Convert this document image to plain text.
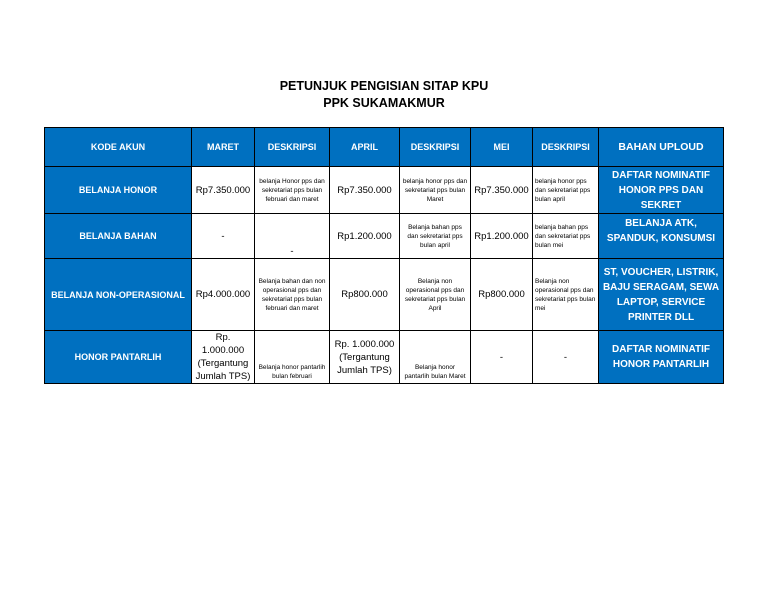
PETUNJUK PENGISIAN SITAP KPU
PPK SUKAMAKMUR
KODE AKUN	MARET	DESKRIPSI	APRIL	DESKRIPSI	MEI	DESKRIPSI	BAHAN UPLOUD
BELANJA HONOR	Rp7.350.000	belanja Honor pps dan sekretariat pps bulan februari dan maret	Rp7.350.000	belanja honor pps dan sekretariat pps bulan Maret	Rp7.350.000	belanja honor pps dan sekretariat pps bulan april	DAFTAR NOMINATIF HONOR PPS DAN SEKRET
BELANJA BAHAN	-	-	Rp1.200.000	Belanja bahan pps dan sekretariat pps bulan april	Rp1.200.000	belanja bahan pps dan sekretariat pps bulan mei	BELANJA ATK, SPANDUK, KONSUMSI
BELANJA NON-OPERASIONAL	Rp4.000.000	Belanja bahan dan non operasional pps dan sekretariat pps bulan februari dan maret	Rp800.000	Belanja non operasional pps dan sekretariat pps bulan April	Rp800.000	Belanja non operasional pps dan sekretariat pps bulan mei	ST, VOUCHER, LISTRIK, BAJU SERAGAM, SEWA LAPTOP, SERVICE PRINTER DLL
HONOR PANTARLIH	Rp. 1.000.000 (Tergantung Jumlah TPS)	Belanja honor pantarlih bulan februari	Rp. 1.000.000 (Tergantung Jumlah TPS)	Belanja honor pantarlih bulan Maret	-	-	DAFTAR NOMINATIF HONOR PANTARLIH
